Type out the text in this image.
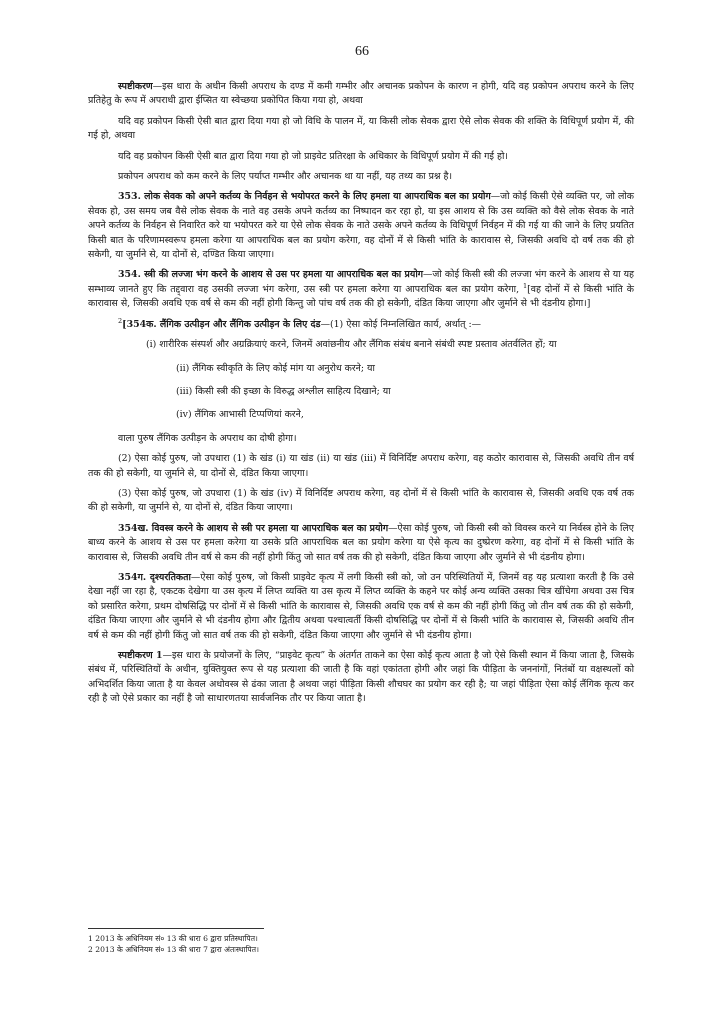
66

स्पष्टीकरण—इस धारा के अधीन किसी अपराध के दण्ड में कमी गम्भीर और अचानक प्रकोपन के कारण न होगी, यदि वह प्रकोपन अपराध करने के लिए प्रतिहेतु के रूप में अपराधी द्वारा ईप्सित या स्वेच्छया प्रकोपित किया गया हो, अथवा

यदि वह प्रकोपन किसी ऐसी बात द्वारा दिया गया हो जो विधि के पालन में, या किसी लोक सेवक द्वारा ऐसे लोक सेवक की शक्ति के विधिपूर्ण प्रयोग में, की गई हो, अथवा

यदि वह प्रकोपन किसी ऐसी बात द्वारा दिया गया हो जो प्राइवेट प्रतिरक्षा के अधिकार के विधिपूर्ण प्रयोग में की गई हो।

प्रकोपन अपराध को कम करने के लिए पर्याप्त गम्भीर और अचानक था या नहीं, यह तथ्य का प्रश्न है।

353. लोक सेवक को अपने कर्तव्य के निर्वहन से भयोपरत करने के लिए हमला या आपराधिक बल का प्रयोग—जो कोई किसी ऐसे व्यक्ति पर, जो लोक सेवक हो, उस समय जब वैसे लोक सेवक के नाते वह उसके अपने कर्तव्य का निष्पादन कर रहा हो, या इस आशय से कि उस व्यक्ति को वैसे लोक सेवक के नाते अपने कर्तव्य के निर्वहन से निवारित करे या भयोपरत करे या ऐसे लोक सेवक के नाते उसके अपने कर्तव्य के विधिपूर्ण निर्वहन में की गई या की जाने के लिए प्रयतित किसी बात के परिणामस्वरूप हमला करेगा या आपराधिक बल का प्रयोग करेगा, वह दोनों में से किसी भांति के कारावास से, जिसकी अवधि दो वर्ष तक की हो सकेगी, या जुर्माने से, या दोनों से, दण्डित किया जाएगा।

354. स्त्री की लज्जा भंग करने के आशय से उस पर हमला या आपराधिक बल का प्रयोग—जो कोई किसी स्त्री की लज्जा भंग करने के आशय से या यह सम्भाव्य जानते हुए कि तद्द्वारा वह उसकी लज्जा भंग करेगा, उस स्त्री पर हमला करेगा या आपराधिक बल का प्रयोग करेगा, $^1$[वह दोनों में से किसी भांति के कारावास से, जिसकी अवधि एक वर्ष से कम की नहीं होगी किन्तु जो पांच वर्ष तक की हो सकेगी, दंडित किया जाएगा और जुर्माने से भी दंडनीय होगा।]

$^2$[354क. लैंगिक उत्पीड़न और लैंगिक उत्पीड़न के लिए दंड—(1) ऐसा कोई निम्नलिखित कार्य, अर्थात् :—

(i) शारीरिक संस्पर्श और अग्रक्रियाएं करने, जिनमें अवांछनीय और लैंगिक संबंध बनाने संबंधी स्पष्ट प्रस्ताव अंतर्वलित हों; या

(ii) लैंगिक स्वीकृति के लिए कोई मांग या अनुरोध करने; या

(iii) किसी स्त्री की इच्छा के विरुद्ध अश्लील साहित्य दिखाने; या

(iv) लैंगिक आभासी टिप्पणियां करने,

वाला पुरुष लैंगिक उत्पीड़न के अपराध का दोषी होगा।

(2) ऐसा कोई पुरुष, जो उपधारा (1) के खंड (i) या खंड (ii) या खंड (iii) में विनिर्दिष्ट अपराध करेगा, वह कठोर कारावास से, जिसकी अवधि तीन वर्ष तक की हो सकेगी, या जुर्माने से, या दोनों से, दंडित किया जाएगा।

(3) ऐसा कोई पुरुष, जो उपधारा (1) के खंड (iv) में विनिर्दिष्ट अपराध करेगा, वह दोनों में से किसी भांति के कारावास से, जिसकी अवधि एक वर्ष तक की हो सकेगी, या जुर्माने से, या दोनों से, दंडित किया जाएगा।

354ख. विवस्त्र करने के आशय से स्त्री पर हमला या आपराधिक बल का प्रयोग—ऐसा कोई पुरुष, जो किसी स्त्री को विवस्त्र करने या निर्वस्त्र होने के लिए बाध्य करने के आशय से उस पर हमला करेगा या उसके प्रति आपराधिक बल का प्रयोग करेगा या ऐसे कृत्य का दुष्प्रेरण करेगा, वह दोनों में से किसी भांति के कारावास से, जिसकी अवधि तीन वर्ष से कम की नहीं होगी किंतु जो सात वर्ष तक की हो सकेगी, दंडित किया जाएगा और जुर्माने से भी दंडनीय होगा।

354ग. दृश्यरतिकता—ऐसा कोई पुरुष, जो किसी प्राइवेट कृत्य में लगी किसी स्त्री को, जो उन परिस्थितियों में, जिनमें वह यह प्रत्याशा करती है कि उसे देखा नहीं जा रहा है, एकटक देखेगा या उस कृत्य में लिप्त व्यक्ति या उस कृत्य में लिप्त व्यक्ति के कहने पर कोई अन्य व्यक्ति उसका चित्र खींचेगा अथवा उस चित्र को प्रसारित करेगा, प्रथम दोषसिद्धि पर दोनों में से किसी भांति के कारावास से, जिसकी अवधि एक वर्ष से कम की नहीं होगी किंतु जो तीन वर्ष तक की हो सकेगी, दंडित किया जाएगा और जुर्माने से भी दंडनीय होगा और द्वितीय अथवा पश्चात्वर्ती किसी दोषसिद्धि पर दोनों में से किसी भांति के कारावास से, जिसकी अवधि तीन वर्ष से कम की नहीं होगी किंतु जो सात वर्ष तक की हो सकेगी, दंडित किया जाएगा और जुर्माने से भी दंडनीय होगा।

स्पष्टीकरण 1—इस धारा के प्रयोजनों के लिए, “प्राइवेट कृत्य” के अंतर्गत ताकने का ऐसा कोई कृत्य आता है जो ऐसे किसी स्थान में किया जाता है, जिसके संबंध में, परिस्थितियों के अधीन, युक्तियुक्त रूप से यह प्रत्याशा की जाती है कि वहां एकांतता होगी और जहां कि पीड़िता के जननांगों, नितंबों या वक्षस्थलों को अभिदर्शित किया जाता है या केवल अधोवस्त्र से ढंका जाता है अथवा जहां पीड़िता किसी शौचघर का प्रयोग कर रही है; या जहां पीड़िता ऐसा कोई लैंगिक कृत्य कर रही है जो ऐसे प्रकार का नहीं है जो साधारणतया सार्वजनिक तौर पर किया जाता है।

1 2013 के अधिनियम सं० 13 की धारा 6 द्वारा प्रतिस्थापित।
2 2013 के अधिनियम सं० 13 की धारा 7 द्वारा अंतःस्थापित।
